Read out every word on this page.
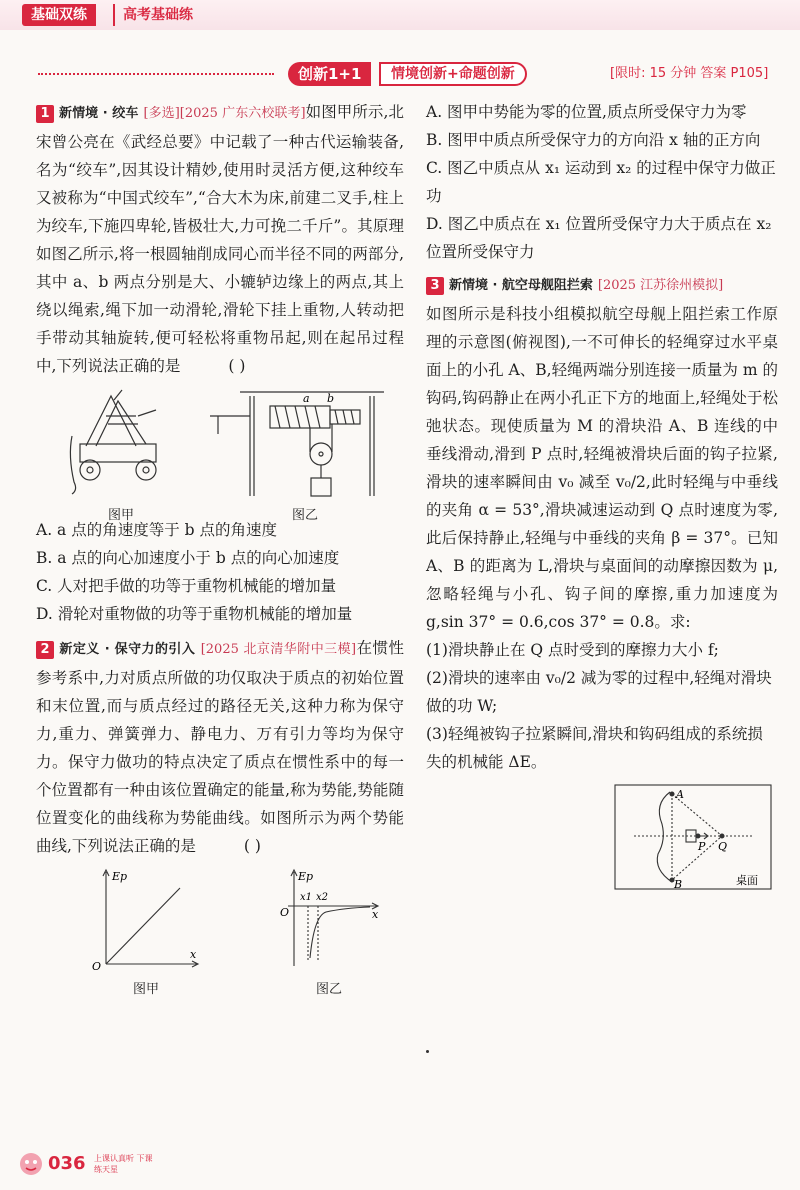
基础双练	高考基础练
创新1+1	情境创新+命题创新
[	限时: 15 分钟 答案 P105 ]
1 新情境 · 绞车 [多选][2025 广东六校联考]如图甲所示,北宋曾公亮在《武经总要》中记载了一种古代运输装备,名为“绞车”,因其设计精妙,使用时灵活方便,这种绞车又被称为“中国式绞车”,“合大木为床,前建二叉手,柱上为绞车,下施四卑轮,皆极壮大,力可挽二千斤”。其原理如图乙所示,将一根圆轴削成同心而半径不同的两部分,其中 a、b 两点分别是大、小辘轳边缘上的两点,其上绕以绳索,绳下加一动滑轮,滑轮下挂上重物,人转动把手带动其轴旋转,便可轻松将重物吊起,则在起吊过程中,下列说法正确的是	( )
图甲
a b
图乙
A. a 点的角速度等于 b 点的角速度
B. a 点的向心加速度小于 b 点的向心加速度
C. 人对把手做的功等于重物机械能的增加量
D. 滑轮对重物做的功等于重物机械能的增加量
2 新定义 · 保守力的引入 [2025 北京清华附中三模]在惯性参考系中,力对质点所做的功仅取决于质点的初始位置和末位置,而与质点经过的路径无关,这种力称为保守力,重力、弹簧弹力、静电力、万有引力等均为保守力。保守力做功的特点决定了质点在惯性系中的每一个位置都有一种由该位置确定的能量,称为势能,势能随位置变化的曲线称为势能曲线。如图所示为两个势能曲线,下列说法正确的是	( )
Ep
O
x
图甲
Ep
O	x
x1 x2
图乙
A. 图甲中势能为零的位置,质点所受保守力为零
B. 图甲中质点所受保守力的方向沿 x 轴的正方向
C. 图乙中质点从 x₁ 运动到 x₂ 的过程中保守力做正功
D. 图乙中质点在 x₁ 位置所受保守力大于质点在 x₂ 位置所受保守力
3 新情境 · 航空母舰阻拦索 [2025 江苏徐州模拟]
如图所示是科技小组模拟航空母舰上阻拦索工作原理的示意图(俯视图),一不可伸长的轻绳穿过水平桌面上的小孔 A、B,轻绳两端分别连接一质量为 m 的钩码,钩码静止在两小孔正下方的地面上,轻绳处于松弛状态。现使质量为 M 的滑块沿 A、B 连线的中垂线滑动,滑到 P 点时,轻绳被滑块后面的钩子拉紧,滑块的速率瞬间由 v₀ 减至 v₀/2,此时轻绳与中垂线的夹角 α = 53°,滑块减速运动到 Q 点时速度为零,此后保持静止,轻绳与中垂线的夹角 β = 37°。已知 A、B 的距离为 L,滑块与桌面间的动摩擦因数为 μ,忽略轻绳与小孔、钩子间的摩擦,重力加速度为 g,sin 37° = 0.6,cos 37° = 0.8。求:
(1)滑块静止在 Q 点时受到的摩擦力大小 f;
(2)滑块的速率由 v₀/2 减为零的过程中,轻绳对滑块做的功 W;
(3)轻绳被钩子拉紧瞬间,滑块和钩码组成的系统损失的机械能 ΔE。
A
B
P Q
桌面
036 上课认真听 下课练天星
